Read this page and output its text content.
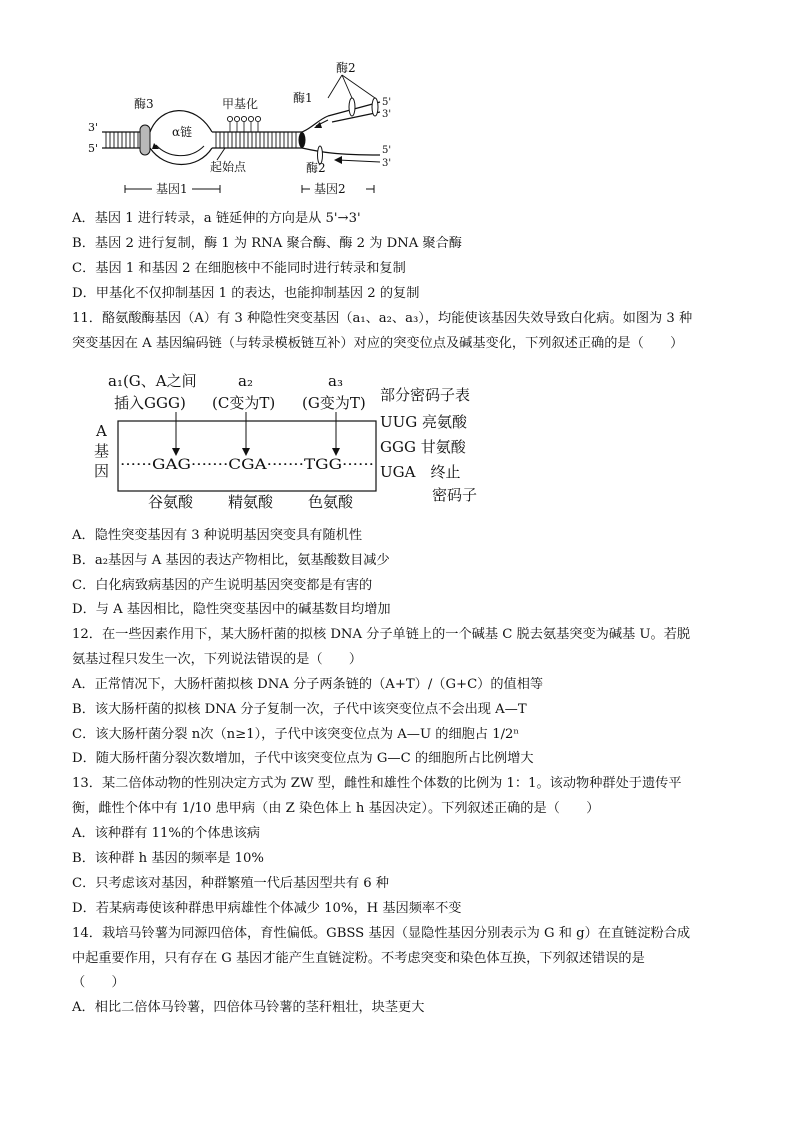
3'
5'
酶3
α链
甲基化
起始点
酶1
酶2
酶2
5'
3'
5'
3'
基因1	基因2
A．基因 1 进行转录，a 链延伸的方向是从 5'→3'
B．基因 2 进行复制，酶 1 为 RNA 聚合酶、酶 2 为 DNA 聚合酶
C．基因 1 和基因 2 在细胞核中不能同时进行转录和复制
D．甲基化不仅抑制基因 1 的表达，也能抑制基因 2 的复制
11．酪氨酸酶基因（A）有 3 种隐性突变基因（a₁、a₂、a₃），均能使该基因失效导致白化病。如图为 3 种
突变基因在 A 基因编码链（与转录模板链互补）对应的突变位点及碱基变化，下列叙述正确的是（　　）
a₁(G、A之间
插入GGG)
a₂
(C变为T)
a₃
(G变为T)
A
基
因 ······GAG·······CGA·······TGG······
谷氨酸 精氨酸 色氨酸
部分密码子表
UUG 亮氨酸
GGG 甘氨酸
UGA　终止
密码子
A．隐性突变基因有 3 种说明基因突变具有随机性
B．a₂基因与 A 基因的表达产物相比，氨基酸数目减少
C．白化病致病基因的产生说明基因突变都是有害的
D．与 A 基因相比，隐性突变基因中的碱基数目均增加
12．在一些因素作用下，某大肠杆菌的拟核 DNA 分子单链上的一个碱基 C 脱去氨基突变为碱基 U。若脱
氨基过程只发生一次，下列说法错误的是（　　）
A．正常情况下，大肠杆菌拟核 DNA 分子两条链的（A+T）/（G+C）的值相等
B．该大肠杆菌的拟核 DNA 分子复制一次，子代中该突变位点不会出现 A—T
C．该大肠杆菌分裂 n次（n≥1），子代中该突变位点为 A—U 的细胞占 1/2ⁿ
D．随大肠杆菌分裂次数增加，子代中该突变位点为 G—C 的细胞所占比例增大
13．某二倍体动物的性别决定方式为 ZW 型，雌性和雄性个体数的比例为 1：1。该动物种群处于遗传平
衡，雌性个体中有 1/10 患甲病（由 Z 染色体上 h 基因决定）。下列叙述正确的是（　　）
A．该种群有 11%的个体患该病
B．该种群 h 基因的频率是 10%
C．只考虑该对基因，种群繁殖一代后基因型共有 6 种
D．若某病毒使该种群患甲病雄性个体减少 10%，H 基因频率不变
14．栽培马铃薯为同源四倍体，育性偏低。GBSS 基因（显隐性基因分别表示为 G 和 g）在直链淀粉合成
中起重要作用，只有存在 G 基因才能产生直链淀粉。不考虑突变和染色体互换，下列叙述错误的是
（　　）
A．相比二倍体马铃薯，四倍体马铃薯的茎秆粗壮，块茎更大
